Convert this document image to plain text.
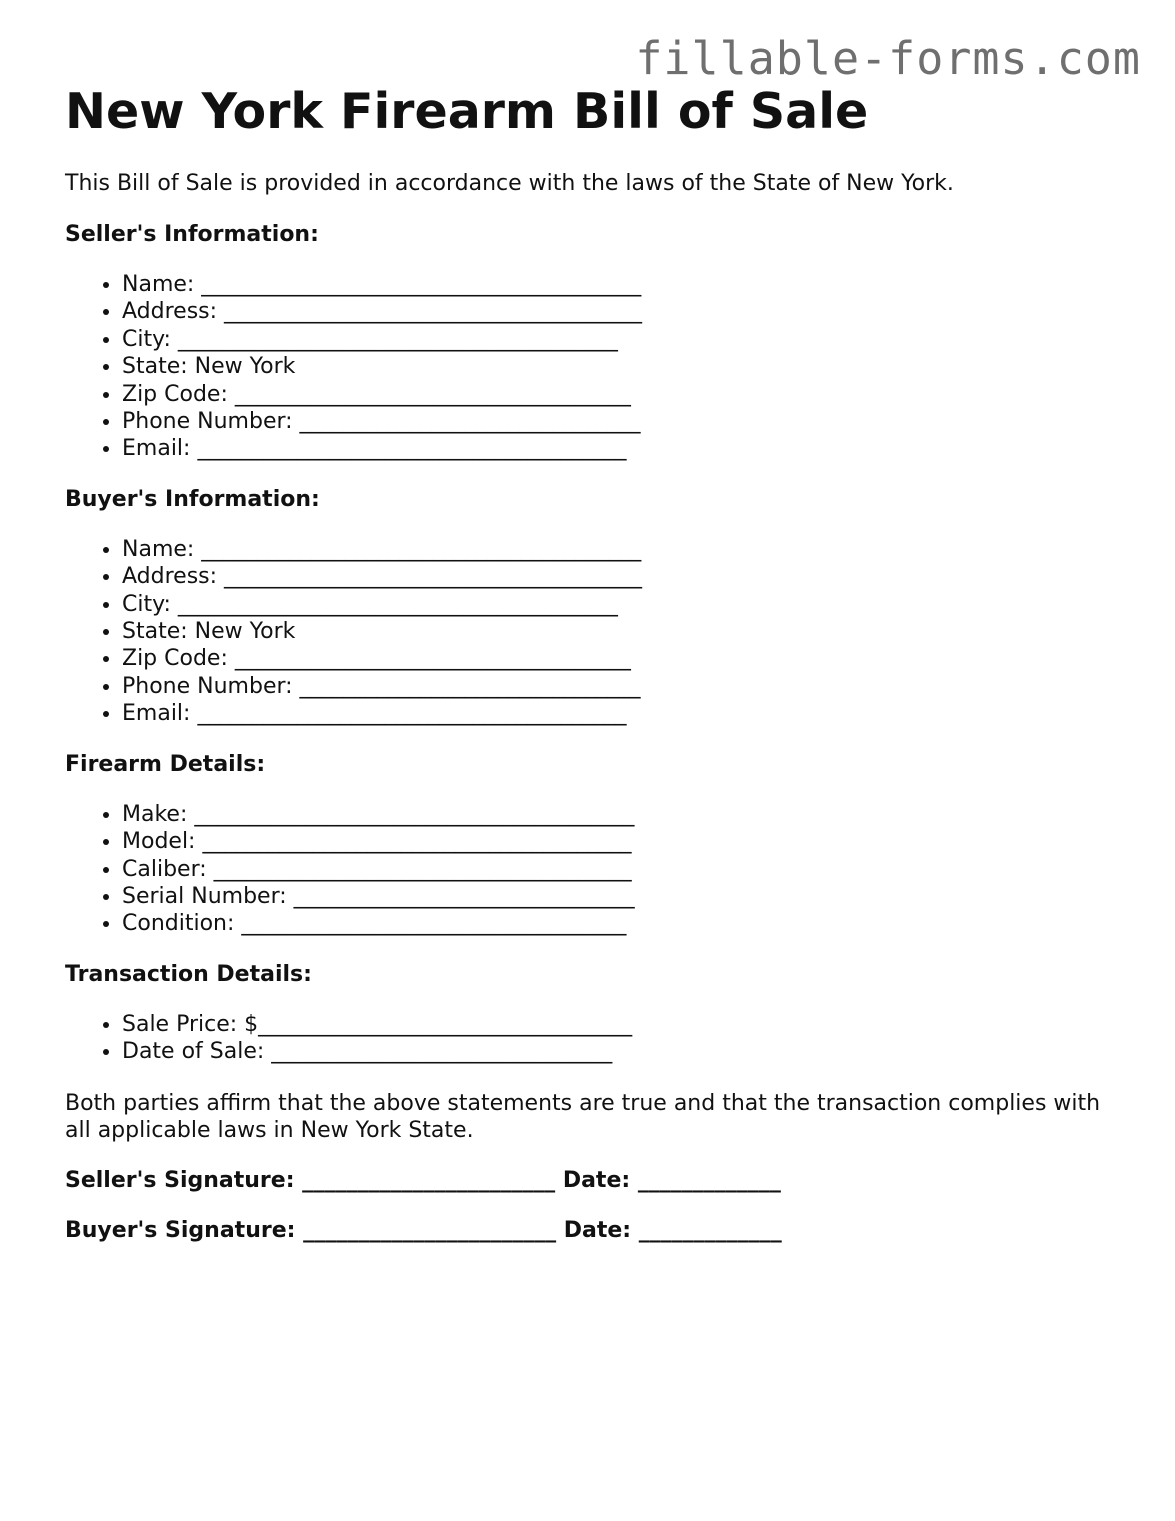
fillable-forms.com
New York Firearm Bill of Sale

This Bill of Sale is provided in accordance with the laws of the State of New York.

Seller's Information:
• Name: ________________________________________
• Address: ______________________________________
• City: ________________________________________
• State: New York
• Zip Code: ____________________________________
• Phone Number: _______________________________
• Email: _______________________________________
Buyer's Information:
• Name: ________________________________________
• Address: ______________________________________
• City: ________________________________________
• State: New York
• Zip Code: ____________________________________
• Phone Number: _______________________________
• Email: _______________________________________
Firearm Details:
• Make: ________________________________________
• Model: _______________________________________
• Caliber: ______________________________________
• Serial Number: _______________________________
• Condition: ___________________________________
Transaction Details:
• Sale Price: $__________________________________
• Date of Sale: _______________________________

Both parties affirm that the above statements are true and that the transaction complies with all applicable laws in New York State.

Seller's Signature: _______________________ Date: _____________
Buyer's Signature: _______________________ Date: _____________
